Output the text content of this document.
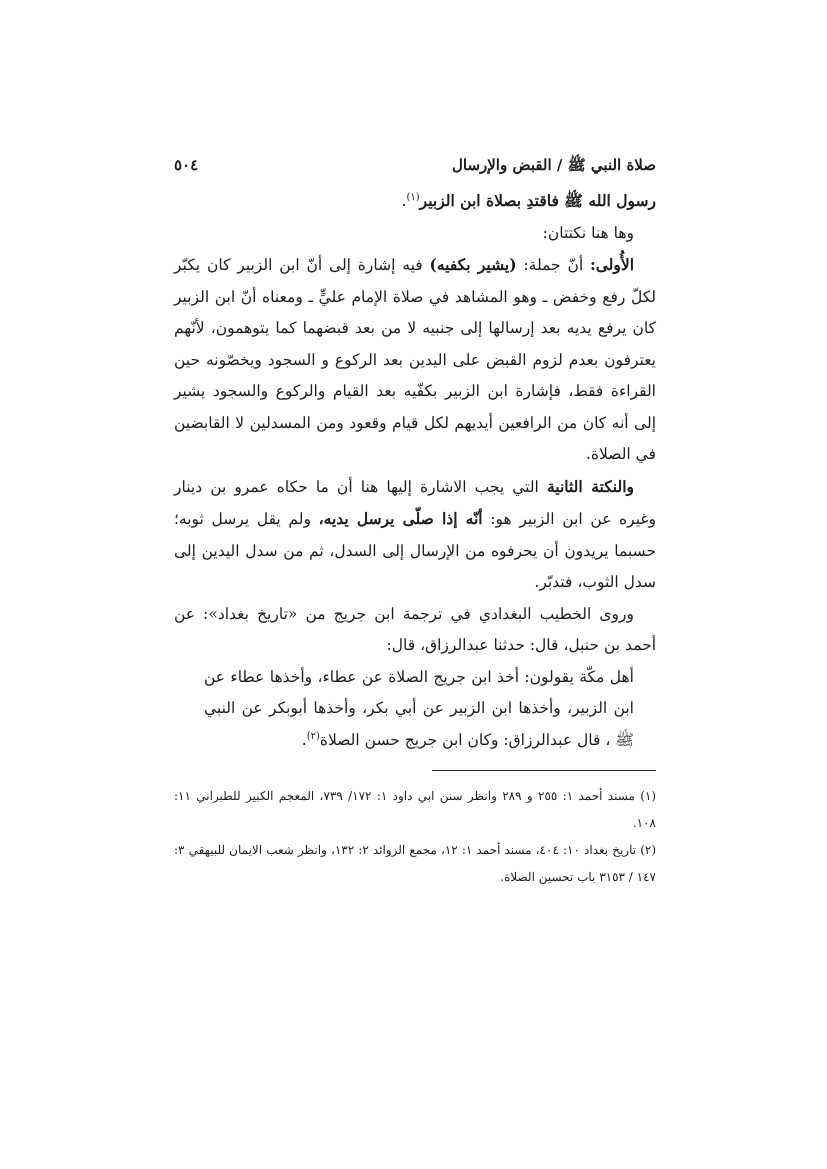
صلاة النبي ﷺ / القبض والإرسال
٥٠٤

رسول الله ﷺ فاقتدِ بصلاة ابن الزبير$^{(١)}$.

وها هنا نكتتان:

الأُولى: أنّ جملة: (يشير بكفيه) فيه إشارة إلى أنّ ابن الزبير كان يكبّر لكلّ رفع وخفض ـ وهو المشاهد في صلاة الإمام عليٍّ ـ ومعناه أنّ ابن الزبير كان يرفع يديه بعد إرسالها إلى جنبيه لا من بعد قبضهما كما يتوهمون، لأنّهم يعترفون بعدم لزوم القبض على اليدين بعد الركوع و السجود ويخصّونه حين القراءة فقط، فإشارة ابن الزبير بكفّيه بعد القيام والركوع والسجود يشير إلى أنه كان من الرافعين أيديهم لكل قيام وقعود ومن المسدلين لا القابضين في الصلاة.

والنكتة الثانية التي يجب الاشارة إليها هنا أن ما حكاه عمرو بن دينار وغيره عن ابن الزبير هو: أنّه إذا صلّى يرسل يديه، ولم يقل يرسل ثوبه؛ حسبما يريدون أن يحرفوه من الإرسال إلى السدل، ثم من سدل اليدين إلى سدل الثوب، فتدبّر.

وروى الخطيب البغدادي في ترجمة ابن جريج من «تاريخ بغداد»: عن أحمد بن حنبل، قال: حدثنا عبدالرزاق، قال:

أهل مكّة يقولون: أخذ ابن جريج الصلاة عن عطاء، وأخذها عطاء عن ابن الزبير، وأخذها ابن الزبير عن أبي بكر، وأخذها أبوبكر عن النبي ﷺ ، قال عبدالرزاق: وكان ابن جريج حسن الصلاة$^{(٢)}$.

(١) مسند أحمد ١: ٢٥٥ و ٢٨٩ وانظر سنن ابي داود ١: ١٧٢/ ٧٣٩، المعجم الكبير للطبراني ١١: ١٠٨.

(٢) تاريخ بغداد ١٠: ٤٠٤، مسند أحمد ١: ١٢، مجمع الزوائد ٢: ١٣٢، وانظر شعب الايمان للبيهقي ٣: ١٤٧ / ٣١٥٣ باب تحسين الصلاة.
